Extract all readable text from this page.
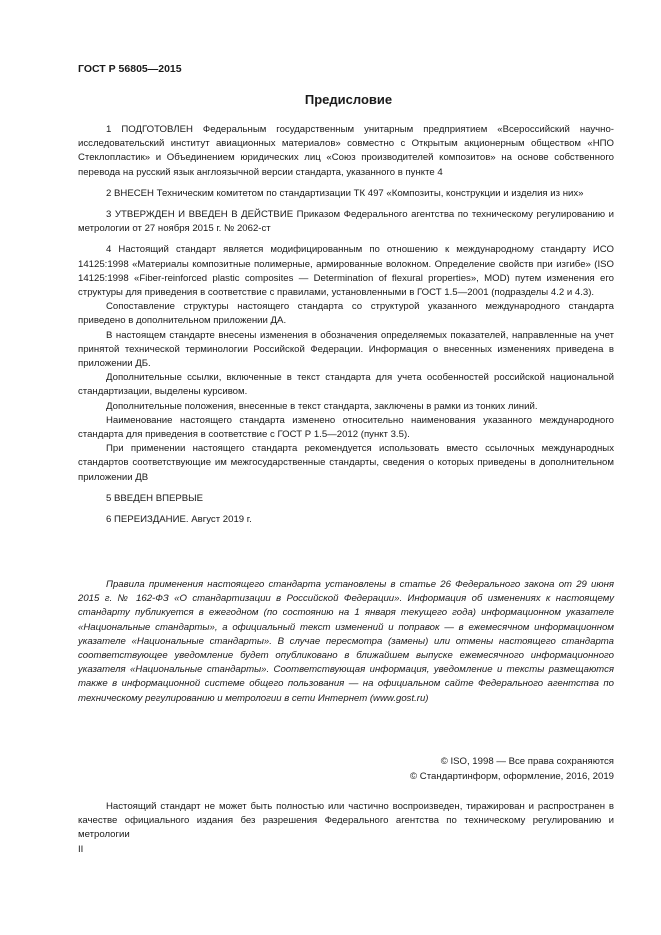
ГОСТ Р 56805—2015
Предисловие

1 ПОДГОТОВЛЕН Федеральным государственным унитарным предприятием «Всероссийский научно-исследовательский институт авиационных материалов» совместно с Открытым акционерным обществом «НПО Стеклопластик» и Объединением юридических лиц «Союз производителей композитов» на основе собственного перевода на русский язык англоязычной версии стандарта, указанного в пункте 4

2 ВНЕСЕН Техническим комитетом по стандартизации ТК 497 «Композиты, конструкции и изделия из них»

3 УТВЕРЖДЕН И ВВЕДЕН В ДЕЙСТВИЕ Приказом Федерального агентства по техническому регулированию и метрологии от 27 ноября 2015 г. № 2062-ст

4 Настоящий стандарт является модифицированным по отношению к международному стандарту ИСО 14125:1998 «Материалы композитные полимерные, армированные волокном. Определение свойств при изгибе» (ISO 14125:1998 «Fiber-reinforced plastic composites — Determination of flexural properties», MOD) путем изменения его структуры для приведения в соответствие с правилами, установленными в ГОСТ 1.5—2001 (подразделы 4.2 и 4.3).

Сопоставление структуры настоящего стандарта со структурой указанного международного стандарта приведено в дополнительном приложении ДА.

В настоящем стандарте внесены изменения в обозначения определяемых показателей, направленные на учет принятой технической терминологии Российской Федерации. Информация о внесенных изменениях приведена в приложении ДБ.

Дополнительные ссылки, включенные в текст стандарта для учета особенностей российской национальной стандартизации, выделены курсивом.

Дополнительные положения, внесенные в текст стандарта, заключены в рамки из тонких линий.

Наименование настоящего стандарта изменено относительно наименования указанного международного стандарта для приведения в соответствие с ГОСТ Р 1.5—2012 (пункт 3.5).

При применении настоящего стандарта рекомендуется использовать вместо ссылочных международных стандартов соответствующие им межгосударственные стандарты, сведения о которых приведены в дополнительном приложении ДВ

5 ВВЕДЕН ВПЕРВЫЕ

6 ПЕРЕИЗДАНИЕ. Август 2019 г.

Правила применения настоящего стандарта установлены в статье 26 Федерального закона от 29 июня 2015 г. № 162-ФЗ «О стандартизации в Российской Федерации». Информация об изменениях к настоящему стандарту публикуется в ежегодном (по состоянию на 1 января текущего года) информационном указателе «Национальные стандарты», а официальный текст изменений и поправок — в ежемесячном информационном указателе «Национальные стандарты». В случае пересмотра (замены) или отмены настоящего стандарта соответствующее уведомление будет опубликовано в ближайшем выпуске ежемесячного информационного указателя «Национальные стандарты». Соответствующая информация, уведомление и тексты размещаются также в информационной системе общего пользования — на официальном сайте Федерального агентства по техническому регулированию и метрологии в сети Интернет (www.gost.ru)

© ISO, 1998 — Все права сохраняются
© Стандартинформ, оформление, 2016, 2019

Настоящий стандарт не может быть полностью или частично воспроизведен, тиражирован и распространен в качестве официального издания без разрешения Федерального агентства по техническому регулированию и метрологии

II
